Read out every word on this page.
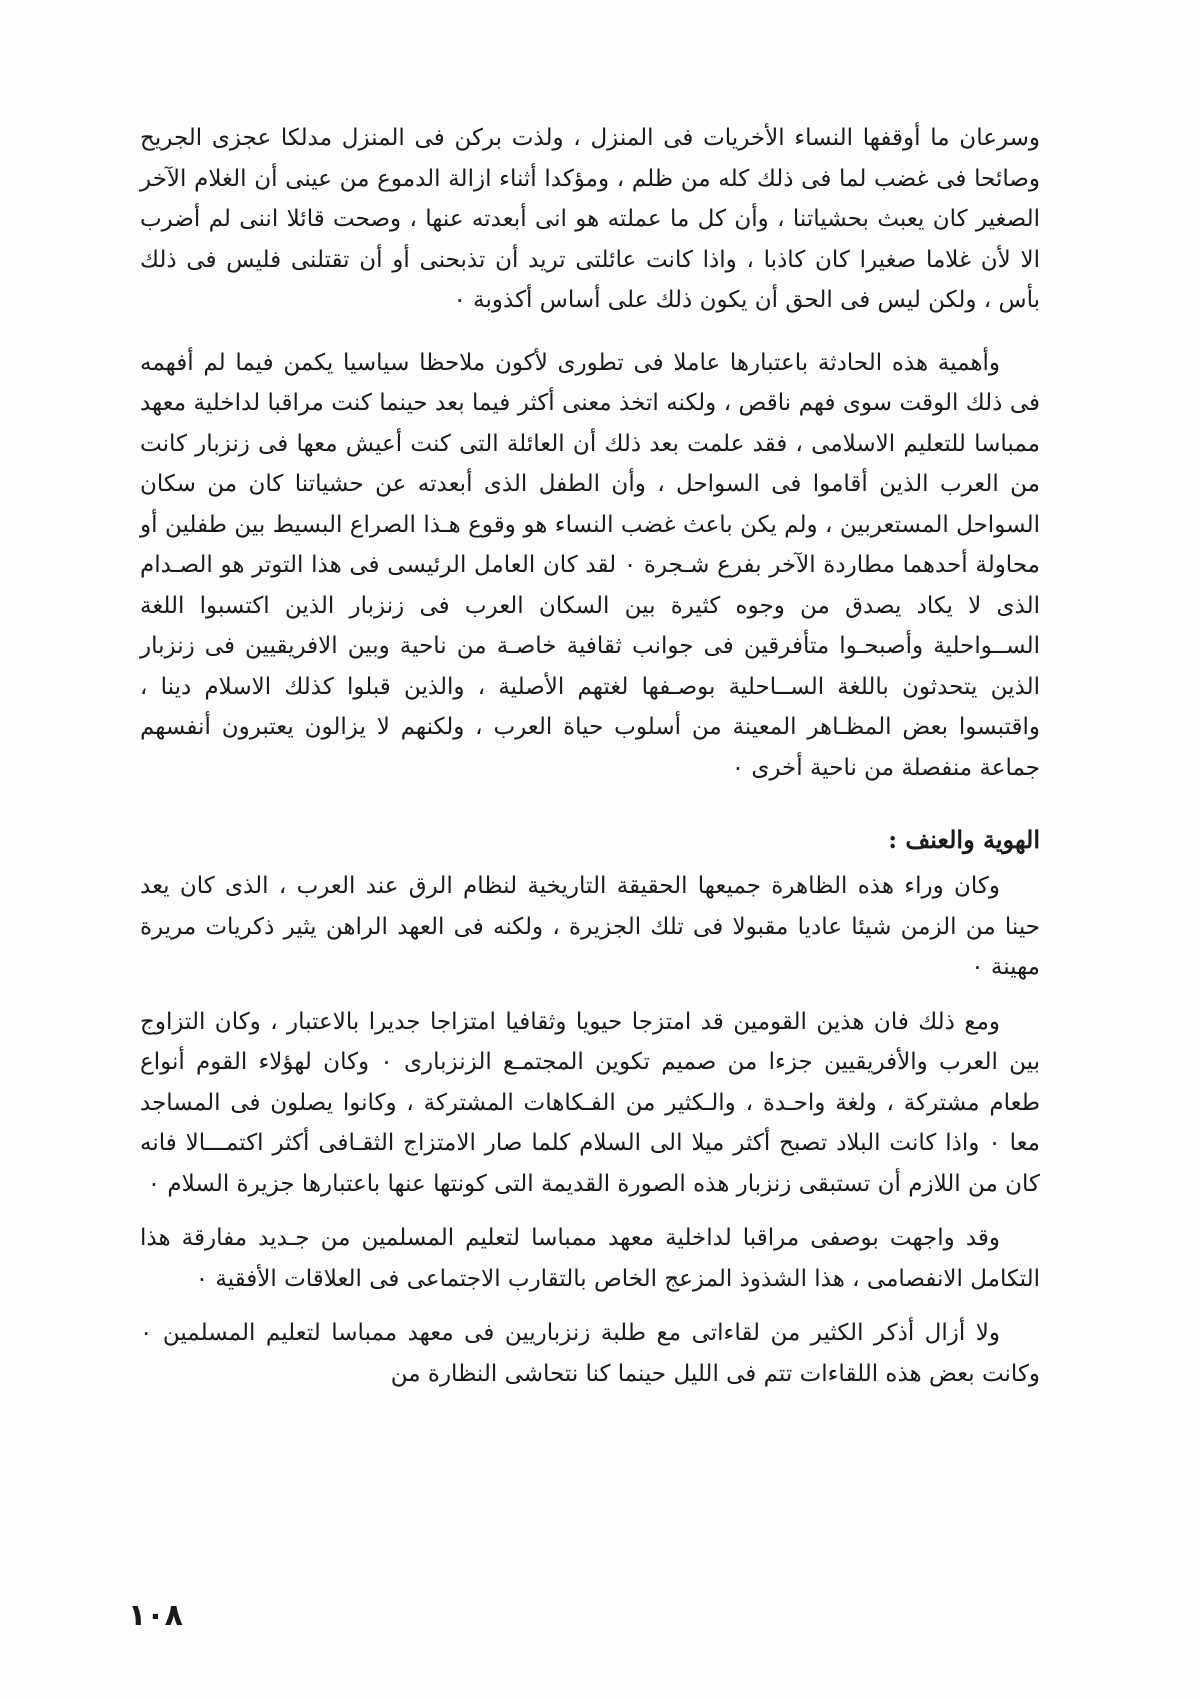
وسرعان ما أوقفها النساء الأخريات فى المنزل ، ولذت بركن فى المنزل مدلكا عجزى الجريح وصائحا فى غضب لما فى ذلك كله من ظلم ، ومؤكدا أثناء ازالة الدموع من عينى أن الغلام الآخر الصغير كان يعبث بحشياتنا ، وأن كل ما عملته هو انى أبعدته عنها ، وصحت قائلا اننى لم أضرب الا لأن غلاما صغيرا كان كاذبا ، واذا كانت عائلتى تريد أن تذبحنى أو أن تقتلنى فليس فى ذلك بأس ، ولكن ليس فى الحق أن يكون ذلك على أساس أكذوبة ٠

وأهمية هذه الحادثة باعتبارها عاملا فى تطورى لأكون ملاحظا سياسيا يكمن فيما لم أفهمه فى ذلك الوقت سوى فهم ناقص ، ولكنه اتخذ معنى أكثر فيما بعد حينما كنت مراقبا لداخلية معهد ممباسا للتعليم الاسلامى ، فقد علمت بعد ذلك أن العائلة التى كنت أعيش معها فى زنزبار كانت من العرب الذين أقاموا فى السواحل ، وأن الطفل الذى أبعدته عن حشياتنا كان من سكان السواحل المستعربين ، ولم يكن باعث غضب النساء هو وقوع هـذا الصراع البسيط بين طفلين أو محاولة أحدهما مطاردة الآخر بفرع شـجرة ٠ لقد كان العامل الرئيسى فى هذا التوتر هو الصـدام الذى لا يكاد يصدق من وجوه كثيرة بين السكان العرب فى زنزبار الذين اكتسبوا اللغة الســواحلية وأصبحـوا متأفرقين فى جوانب ثقافية خاصـة من ناحية وبين الافريقيين فى زنزبار الذين يتحدثون باللغة الســاحلية بوصـفها لغتهم الأصلية ، والذين قبلوا كذلك الاسلام دينا ، واقتبسوا بعض المظـاهر المعينة من أسلوب حياة العرب ، ولكنهم لا يزالون يعتبرون أنفسهم جماعة منفصلة من ناحية أخرى ٠

الهوية والعنف :

وكان وراء هذه الظاهرة جميعها الحقيقة التاريخية لنظام الرق عند العرب ، الذى كان يعد حينا من الزمن شيئا عاديا مقبولا فى تلك الجزيرة ، ولكنه فى العهد الراهن يثير ذكريات مريرة مهينة ٠

ومع ذلك فان هذين القومين قد امتزجا حيويا وثقافيا امتزاجا جديرا بالاعتبار ، وكان التزاوج بين العرب والأفريقيين جزءا من صميم تكوين المجتمـع الزنزبارى ٠ وكان لهؤلاء القوم أنواع طعام مشتركة ، ولغة واحـدة ، والـكثير من الفـكاهات المشتركة ، وكانوا يصلون فى المساجد معا ٠ واذا كانت البلاد تصبح أكثر ميلا الى السلام كلما صار الامتزاج الثقـافى أكثر اكتمـــالا فانه كان من اللازم أن تستبقى زنزبار هذه الصورة القديمة التى كونتها عنها باعتبارها جزيرة السلام ٠

وقد واجهت بوصفى مراقبا لداخلية معهد ممباسا لتعليم المسلمين من جـديد مفارقة هذا التكامل الانفصامى ، هذا الشذوذ المزعج الخاص بالتقارب الاجتماعى فى العلاقات الأفقية ٠

ولا أزال أذكر الكثير من لقاءاتى مع طلبة زنزباريين فى معهد ممباسا لتعليم المسلمين ٠ وكانت بعض هذه اللقاءات تتم فى الليل حينما كنا نتحاشى النظارة من

١٠٨
